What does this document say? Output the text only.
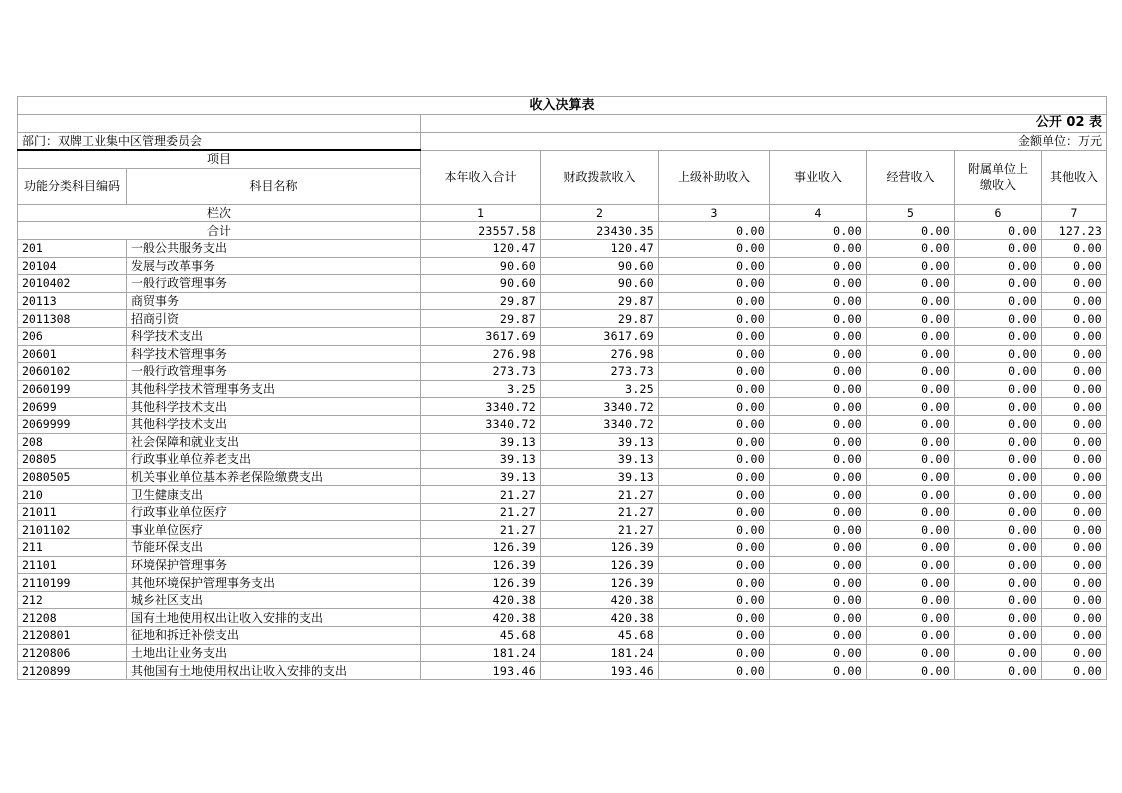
收入决算表								
		公开 02 表						
部门：双牌工业集中区管理委员会		金额单位：万元						
项目		本年收入合计	财政拨款收入	上级补助收入	事业收入	经营收入	附属单位上缴收入	其他收入
功能分类科目编码	科目名称							
栏次		1	2	3	4	5	6	7
合计		23557.58	23430.35	0.00	0.00	0.00	0.00	127.23
201	一般公共服务支出	120.47	120.47	0.00	0.00	0.00	0.00	0.00
20104	发展与改革事务	90.60	90.60	0.00	0.00	0.00	0.00	0.00
2010402	一般行政管理事务	90.60	90.60	0.00	0.00	0.00	0.00	0.00
20113	商贸事务	29.87	29.87	0.00	0.00	0.00	0.00	0.00
2011308	招商引资	29.87	29.87	0.00	0.00	0.00	0.00	0.00
206	科学技术支出	3617.69	3617.69	0.00	0.00	0.00	0.00	0.00
20601	科学技术管理事务	276.98	276.98	0.00	0.00	0.00	0.00	0.00
2060102	一般行政管理事务	273.73	273.73	0.00	0.00	0.00	0.00	0.00
2060199	其他科学技术管理事务支出	3.25	3.25	0.00	0.00	0.00	0.00	0.00
20699	其他科学技术支出	3340.72	3340.72	0.00	0.00	0.00	0.00	0.00
2069999	其他科学技术支出	3340.72	3340.72	0.00	0.00	0.00	0.00	0.00
208	社会保障和就业支出	39.13	39.13	0.00	0.00	0.00	0.00	0.00
20805	行政事业单位养老支出	39.13	39.13	0.00	0.00	0.00	0.00	0.00
2080505	机关事业单位基本养老保险缴费支出	39.13	39.13	0.00	0.00	0.00	0.00	0.00
210	卫生健康支出	21.27	21.27	0.00	0.00	0.00	0.00	0.00
21011	行政事业单位医疗	21.27	21.27	0.00	0.00	0.00	0.00	0.00
2101102	事业单位医疗	21.27	21.27	0.00	0.00	0.00	0.00	0.00
211	节能环保支出	126.39	126.39	0.00	0.00	0.00	0.00	0.00
21101	环境保护管理事务	126.39	126.39	0.00	0.00	0.00	0.00	0.00
2110199	其他环境保护管理事务支出	126.39	126.39	0.00	0.00	0.00	0.00	0.00
212	城乡社区支出	420.38	420.38	0.00	0.00	0.00	0.00	0.00
21208	国有土地使用权出让收入安排的支出	420.38	420.38	0.00	0.00	0.00	0.00	0.00
2120801	征地和拆迁补偿支出	45.68	45.68	0.00	0.00	0.00	0.00	0.00
2120806	土地出让业务支出	181.24	181.24	0.00	0.00	0.00	0.00	0.00
2120899	其他国有土地使用权出让收入安排的支出	193.46	193.46	0.00	0.00	0.00	0.00	0.00
